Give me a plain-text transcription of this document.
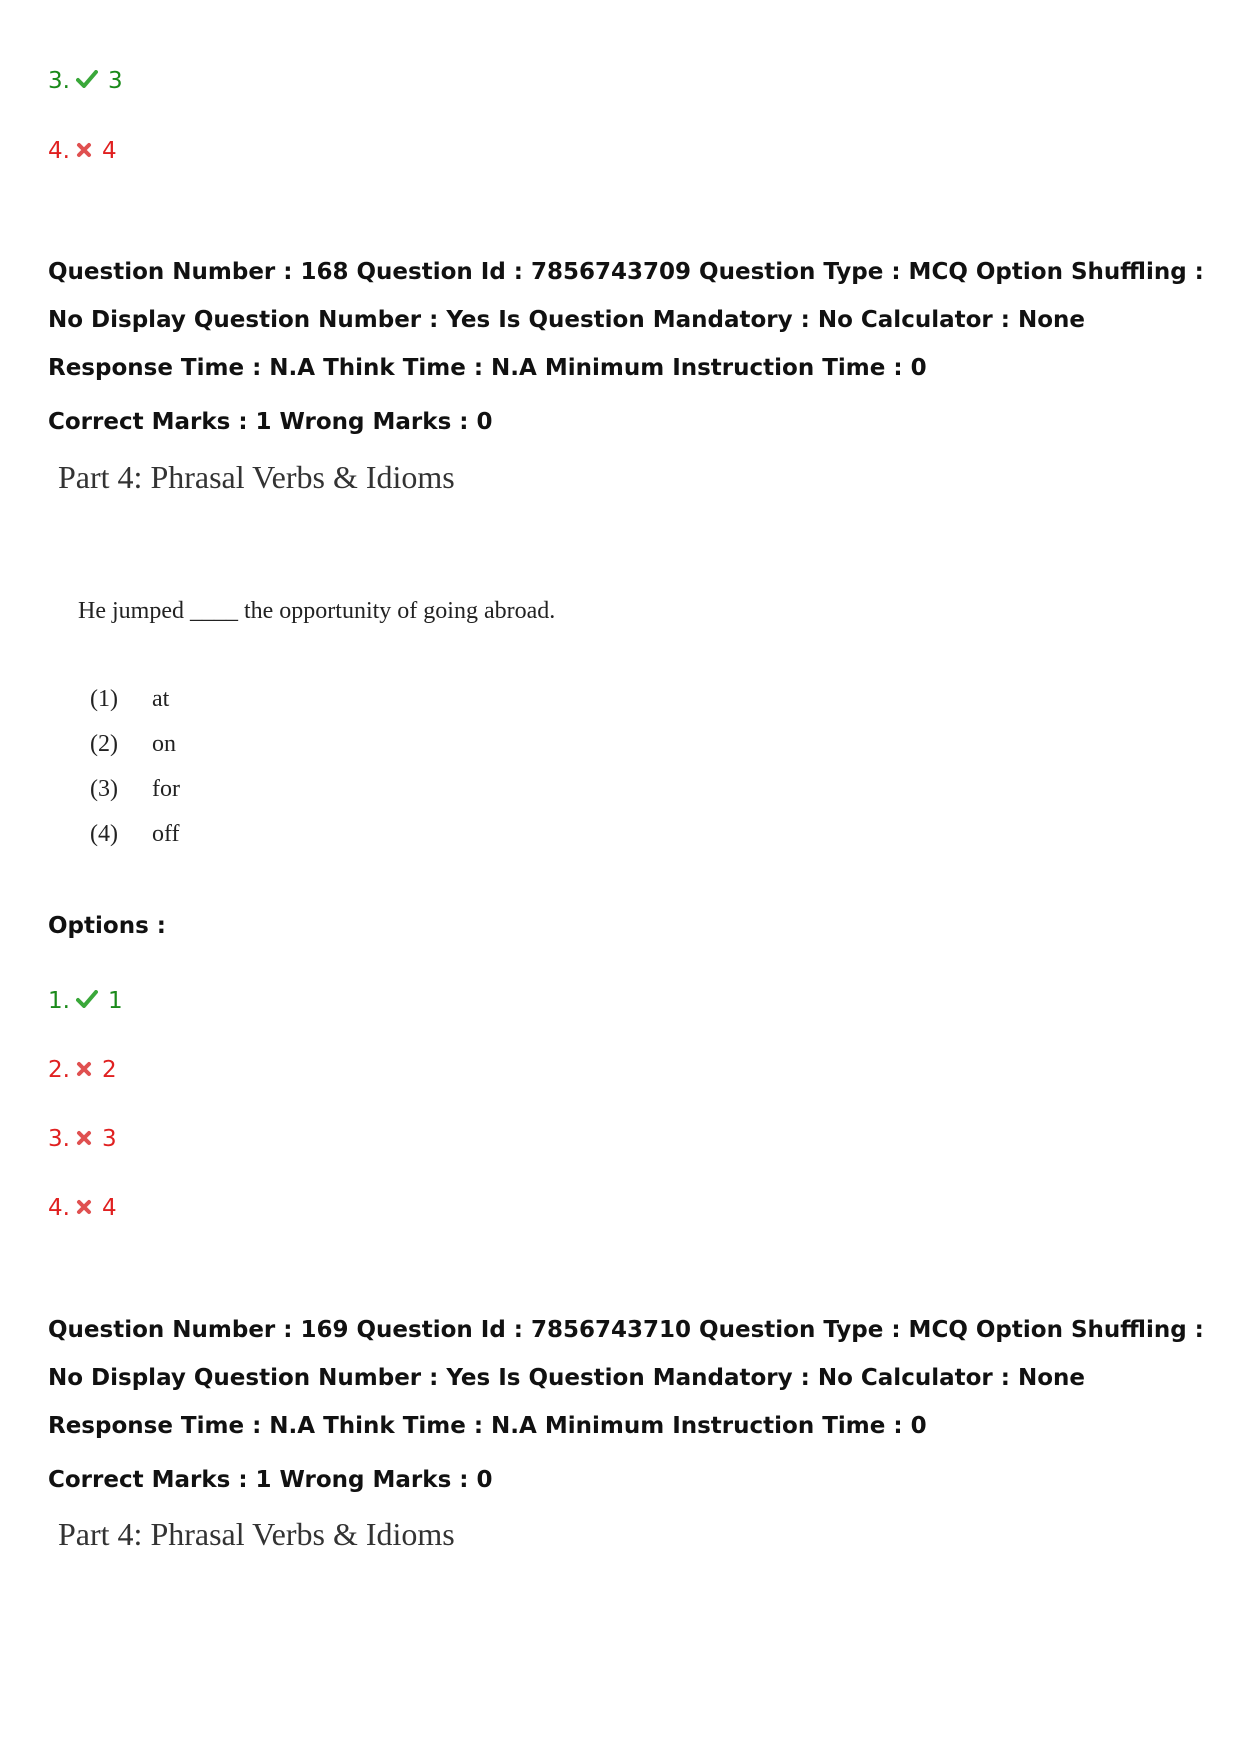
3. 3
4. 4
Question Number : 168 Question Id : 7856743709 Question Type : MCQ Option Shuffling : No Display Question Number : Yes Is Question Mandatory : No Calculator : None Response Time : N.A Think Time : N.A Minimum Instruction Time : 0
Correct Marks : 1 Wrong Marks : 0
Part 4: Phrasal Verbs & Idioms
He jumped ____ the opportunity of going abroad.
(1)	at
(2)	on
(3)	for
(4)	off
Options :
1. 1
2. 2
3. 3
4. 4
Question Number : 169 Question Id : 7856743710 Question Type : MCQ Option Shuffling : No Display Question Number : Yes Is Question Mandatory : No Calculator : None Response Time : N.A Think Time : N.A Minimum Instruction Time : 0
Correct Marks : 1 Wrong Marks : 0
Part 4: Phrasal Verbs & Idioms
